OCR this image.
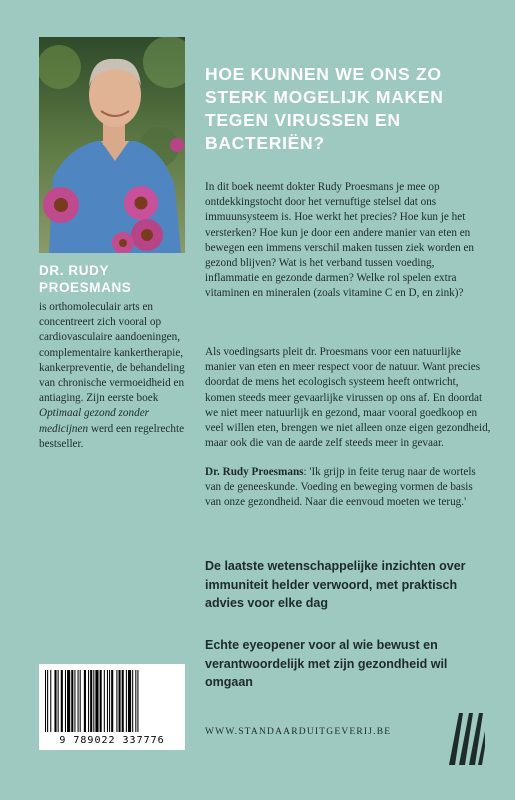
DR. RUDY PROESMANS

is orthomoleculair arts en concentreert zich vooral op cardiovasculaire aandoeningen, complementaire kankertherapie, kankerpreventie, de behandeling van chronische vermoeidheid en antiaging. Zijn eerste boek Optimaal gezond zonder medicijnen werd een regelrechte bestseller.

HOE KUNNEN WE ONS ZO STERK MOGELIJK MAKEN TEGEN VIRUSSEN EN BACTERIËN?

In dit boek neemt dokter Rudy Proesmans je mee op ontdekkingstocht door het vernuftige stelsel dat ons immuunsysteem is. Hoe werkt het precies? Hoe kun je het versterken? Hoe kun je door een andere manier van eten en bewegen een immens verschil maken tussen ziek worden en gezond blijven? Wat is het verband tussen voeding, inflammatie en gezonde darmen? Welke rol spelen extra vitaminen en mineralen (zoals vitamine C en D, en zink)?

Als voedingsarts pleit dr. Proesmans voor een natuurlijke manier van eten en meer respect voor de natuur. Want precies doordat de mens het ecologisch systeem heeft ontwricht, komen steeds meer gevaarlijke virussen op ons af. En doordat we niet meer natuurlijk en gezond, maar vooral goedkoop en veel willen eten, brengen we niet alleen onze eigen gezondheid, maar ook die van de aarde zelf steeds meer in gevaar.

Dr. Rudy Proesmans: 'Ik grijp in feite terug naar de wortels van de geneeskunde. Voeding en beweging vormen de basis van onze gezondheid. Naar die eenvoud moeten we terug.'

De laatste wetenschappelijke inzichten over immuniteit helder verwoord, met praktisch advies voor elke dag

Echte eyeopener voor al wie bewust en verantwoordelijk met zijn gezondheid wil omgaan

9 789022 337776

WWW.STANDAARDUITGEVERIJ.BE
